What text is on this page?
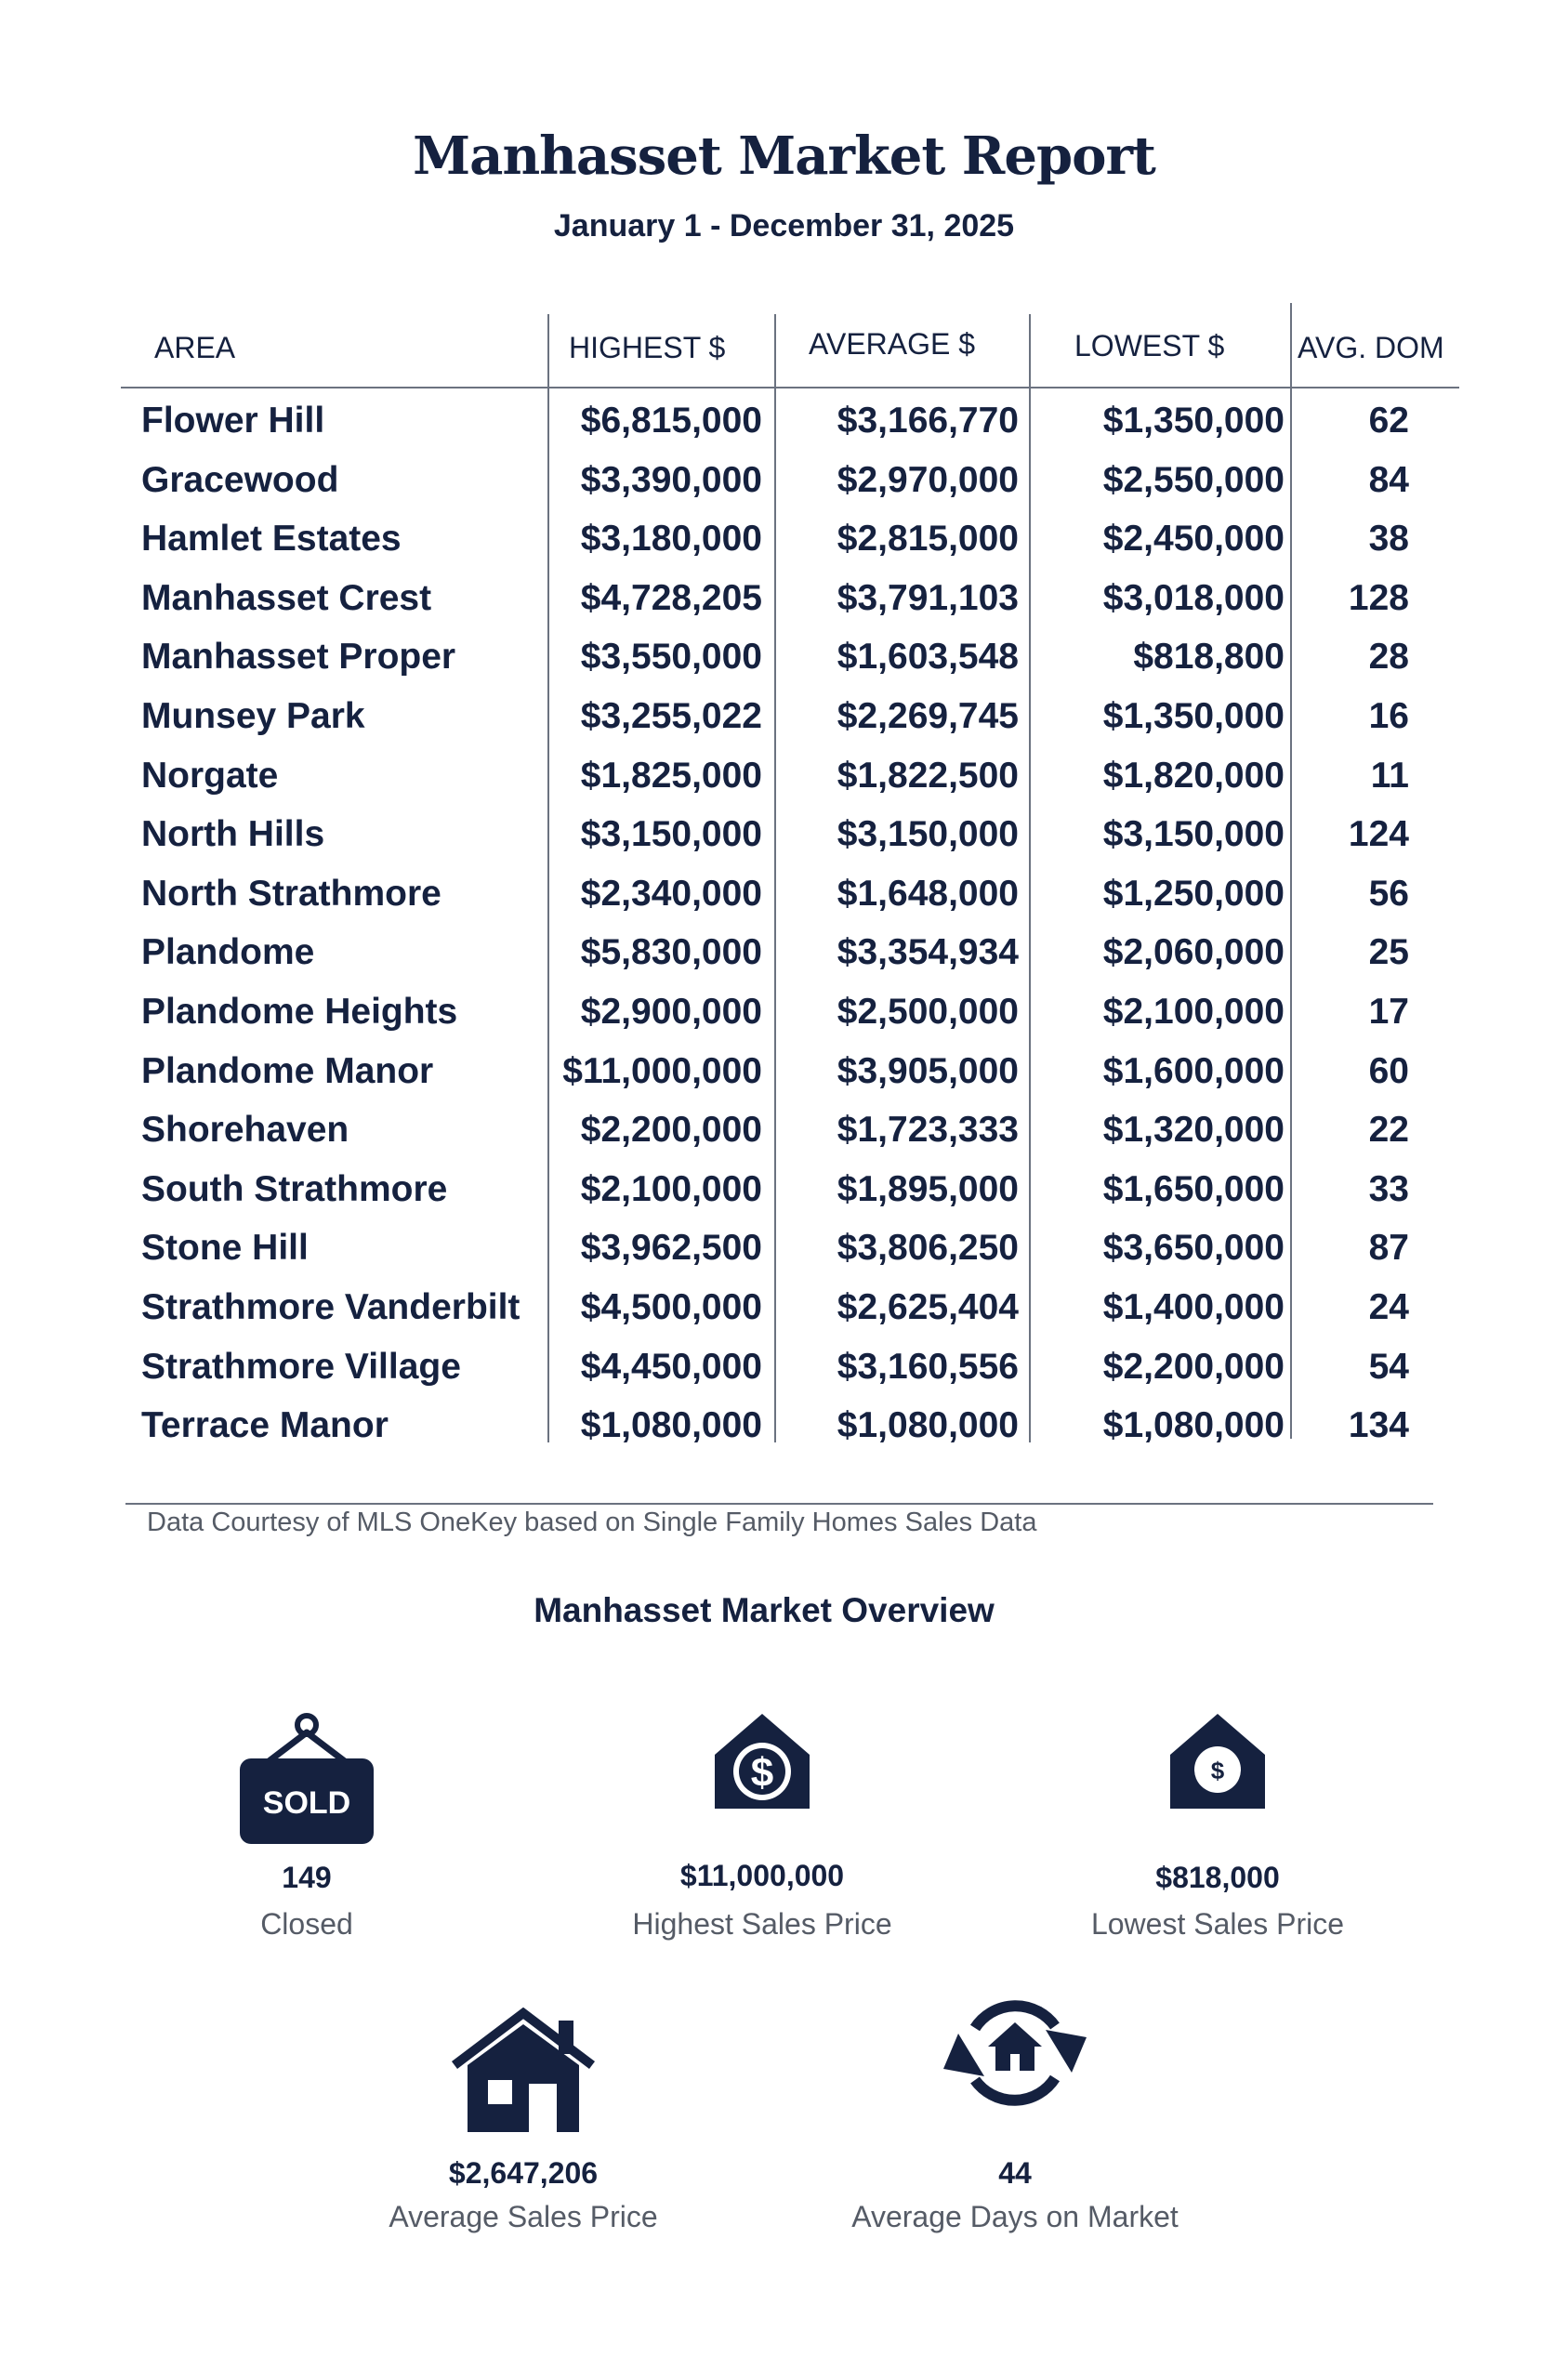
Manhasset Market Report
January 1 - December 31, 2025
AREA	HIGHEST $	AVERAGE $	LOWEST $ AVG. DOM
Flower Hill	$6,815,000	$3,166,770	$1,350,000	62
Gracewood	$3,390,000	$2,970,000	$2,550,000	84
Hamlet Estates	$3,180,000	$2,815,000	$2,450,000	38
Manhasset Crest	$4,728,205	$3,791,103	$3,018,000	128
Manhasset Proper	$3,550,000	$1,603,548	$818,800	28
Munsey Park	$3,255,022	$2,269,745	$1,350,000	16
Norgate	$1,825,000	$1,822,500	$1,820,000	11
North Hills	$3,150,000	$3,150,000	$3,150,000	124
North Strathmore	$2,340,000	$1,648,000	$1,250,000	56
Plandome	$5,830,000	$3,354,934	$2,060,000	25
Plandome Heights	$2,900,000	$2,500,000	$2,100,000	17
Plandome Manor	$11,000,000	$3,905,000	$1,600,000	60
Shorehaven	$2,200,000	$1,723,333	$1,320,000	22
South Strathmore	$2,100,000	$1,895,000	$1,650,000	33
Stone Hill	$3,962,500	$3,806,250	$3,650,000	87
Strathmore Vanderbilt	$4,500,000	$2,625,404	$1,400,000	24
Strathmore Village	$4,450,000	$3,160,556	$2,200,000	54
Terrace Manor	$1,080,000	$1,080,000	$1,080,000	134
Data Courtesy of MLS OneKey based on Single Family Homes Sales Data
Manhasset Market Overview
SOLD
149
Closed
$
$11,000,000
Highest Sales Price
$
$818,000
Lowest Sales Price
$2,647,206
Average Sales Price
44
Average Days on Market
